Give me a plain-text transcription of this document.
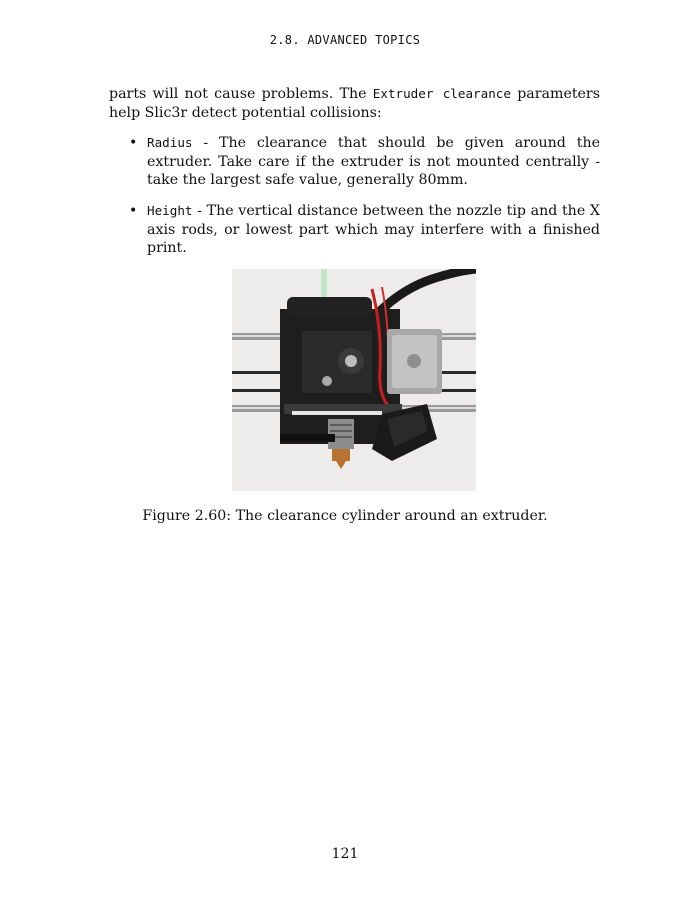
2.8. ADVANCED TOPICS
parts will not cause problems. The Extruder clearance parameters help Slic3r detect potential collisions:
• Radius - The clearance that should be given around the extruder. Take care if the extruder is not mounted centrally - take the largest safe value, generally 80mm.
• Height - The vertical distance between the nozzle tip and the X axis rods, or lowest part which may interfere with a finished print.
Figure 2.60: The clearance cylinder around an extruder.
121
